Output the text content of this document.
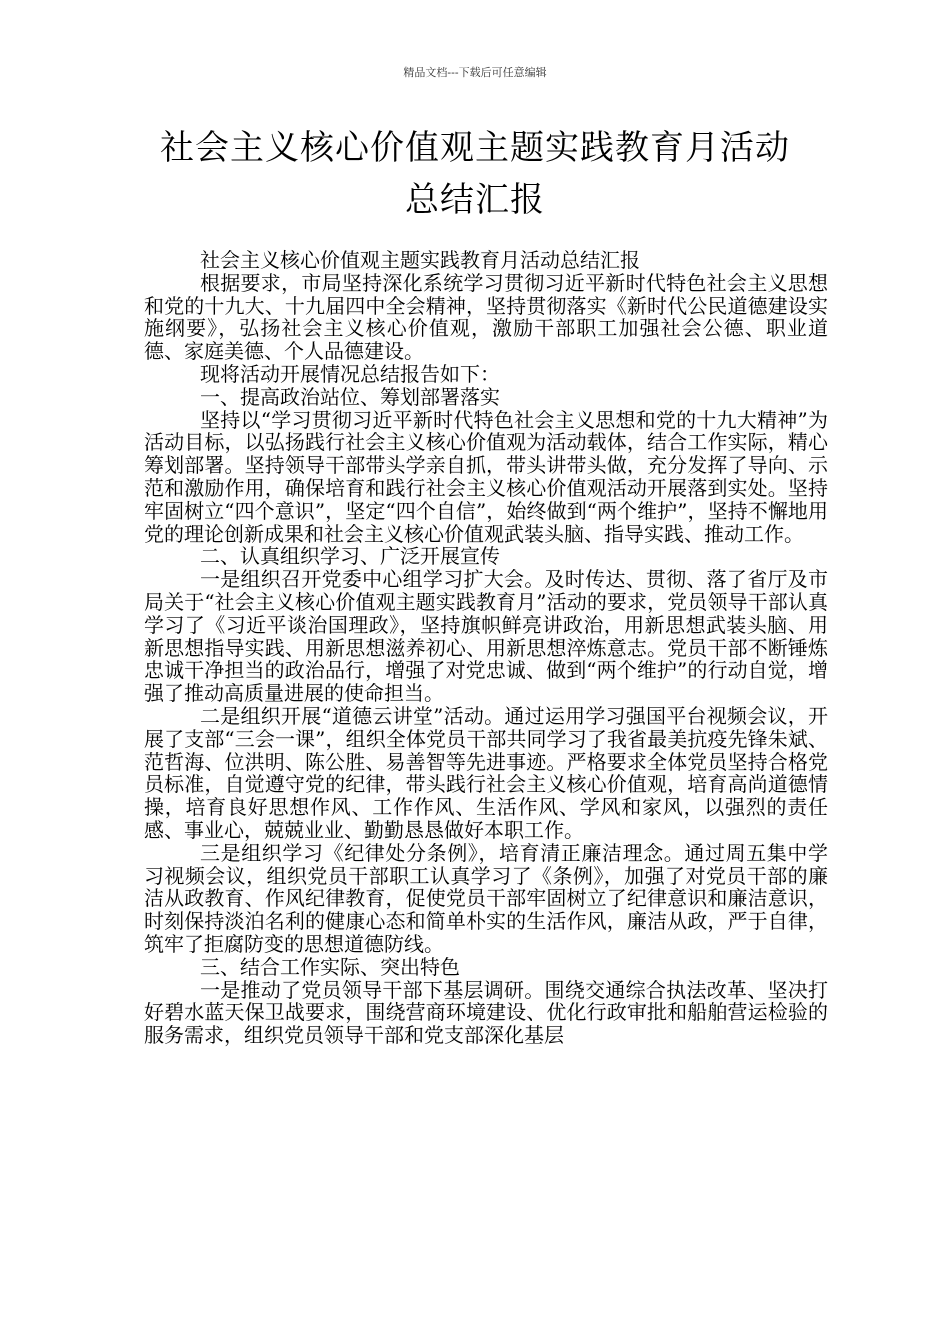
精品文档---下载后可任意编辑
社会主义核心价值观主题实践教育月活动
总结汇报

社会主义核心价值观主题实践教育月活动总结汇报

根据要求，市局坚持深化系统学习贯彻习近平新时代特色社会主义思想和党的十九大、十九届四中全会精神，坚持贯彻落实《新时代公民道德建设实施纲要》，弘扬社会主义核心价值观，激励干部职工加强社会公德、职业道德、家庭美德、个人品德建设。

现将活动开展情况总结报告如下：

一、提高政治站位、筹划部署落实

坚持以“学习贯彻习近平新时代特色社会主义思想和党的十九大精神”为活动目标，以弘扬践行社会主义核心价值观为活动载体，结合工作实际，精心筹划部署。坚持领导干部带头学亲自抓，带头讲带头做，充分发挥了导向、示范和激励作用，确保培育和践行社会主义核心价值观活动开展落到实处。坚持牢固树立“四个意识”，坚定“四个自信”，始终做到“两个维护”，坚持不懈地用党的理论创新成果和社会主义核心价值观武装头脑、指导实践、推动工作。

二、认真组织学习、广泛开展宣传

一是组织召开党委中心组学习扩大会。及时传达、贯彻、落了省厅及市局关于“社会主义核心价值观主题实践教育月”活动的要求，党员领导干部认真学习了《习近平谈治国理政》，坚持旗帜鲜亮讲政治，用新思想武装头脑、用新思想指导实践、用新思想滋养初心、用新思想淬炼意志。党员干部不断锤炼忠诚干净担当的政治品行，增强了对党忠诚、做到“两个维护”的行动自觉，增强了推动高质量进展的使命担当。

二是组织开展“道德云讲堂”活动。通过运用学习强国平台视频会议，开展了支部“三会一课”，组织全体党员干部共同学习了我省最美抗疫先锋朱斌、范哲海、位洪明、陈公胜、易善智等先进事迹。严格要求全体党员坚持合格党员标准，自觉遵守党的纪律，带头践行社会主义核心价值观，培育高尚道德情操，培育良好思想作风、工作作风、生活作风、学风和家风，以强烈的责任感、事业心，兢兢业业、勤勤恳恳做好本职工作。

三是组织学习《纪律处分条例》，培育清正廉洁理念。通过周五集中学习视频会议，组织党员干部职工认真学习了《条例》，加强了对党员干部的廉洁从政教育、作风纪律教育，促使党员干部牢固树立了纪律意识和廉洁意识，时刻保持淡泊名利的健康心态和简单朴实的生活作风，廉洁从政，严于自律，筑牢了拒腐防变的思想道德防线。

三、结合工作实际、突出特色

一是推动了党员领导干部下基层调研。围绕交通综合执法改革、坚决打好碧水蓝天保卫战要求，围绕营商环境建设、优化行政审批和船舶营运检验的服务需求，组织党员领导干部和党支部深化基层
